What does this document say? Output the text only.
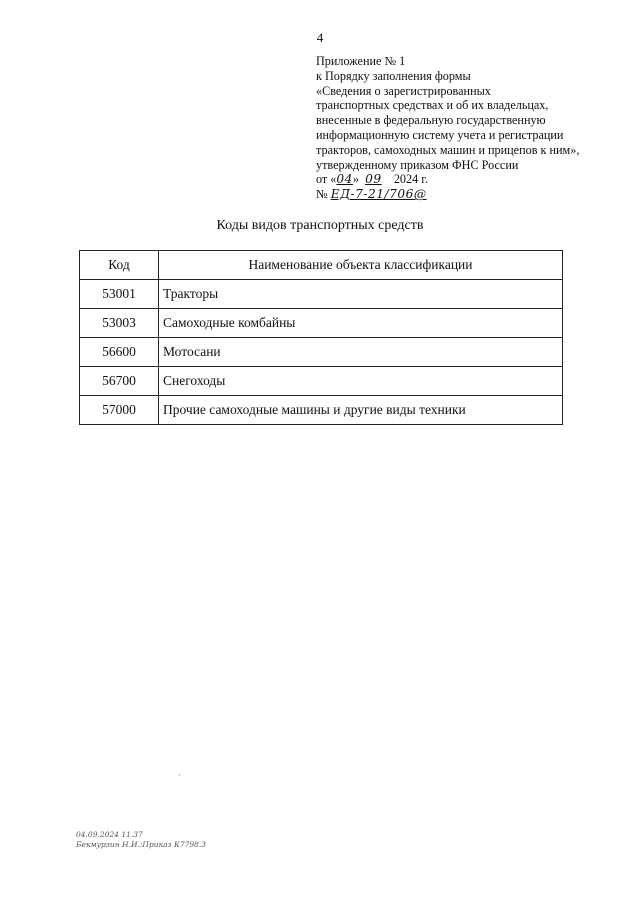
4
Приложение № 1
к Порядку заполнения формы
«Сведения о зарегистрированных
транспортных средствах и об их владельцах,
внесенные в федеральную государственную
информационную систему учета и регистрации
тракторов, самоходных машин и прицепов к ним»,
утвержденному приказом ФНС России
от «04» 09 2024 г.
№ ЕД-7-21/706@
Коды видов транспортных средств
Код	Наименование объекта классификации
53001	Тракторы
53003	Самоходные комбайны
56600	Мотосани
56700	Снегоходы
57000	Прочие самоходные машины и другие виды техники
·
04.09.2024 11.37
Бекмурзин Н.И.:Приказ К7798.3
